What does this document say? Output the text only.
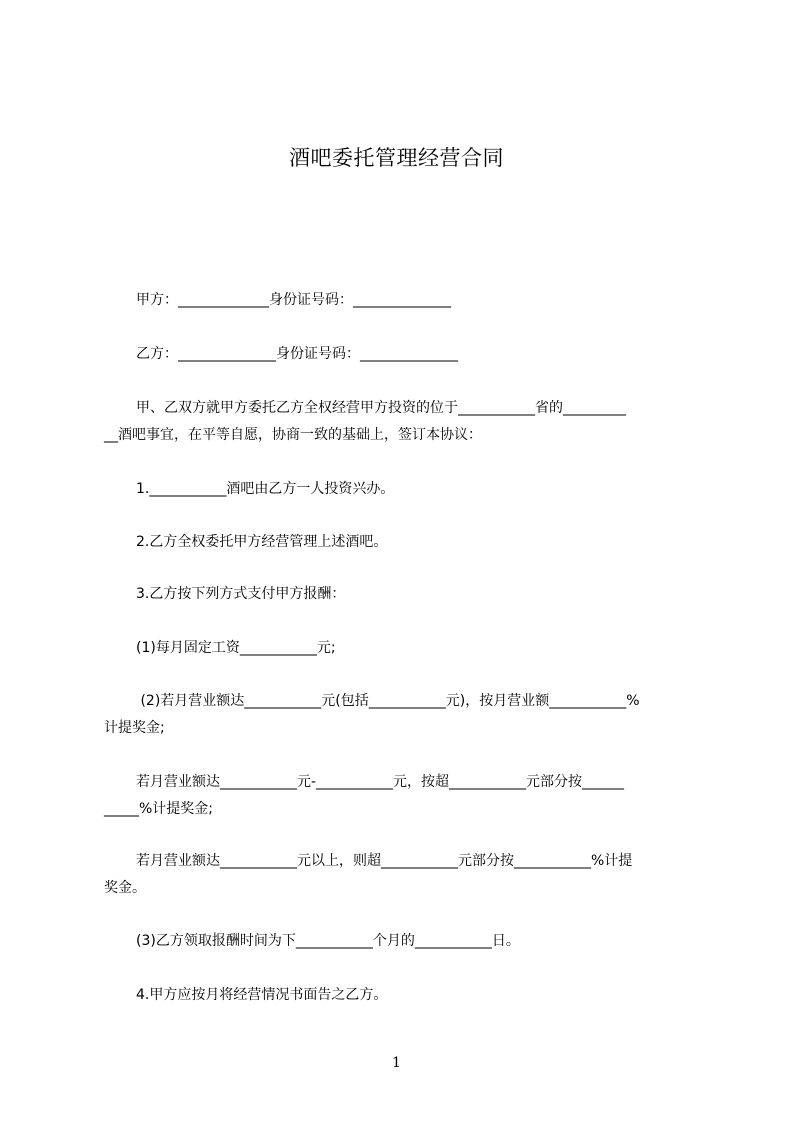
酒吧委托管理经营合同
甲方：_____________身份证号码：______________
乙方：______________身份证号码：______________
甲、乙双方就甲方委托乙方全权经营甲方投资的位于___________省的_________
__酒吧事宜，在平等自愿，协商一致的基础上，签订本协议：
1.___________酒吧由乙方一人投资兴办。
2.乙方全权委托甲方经营管理上述酒吧。
3.乙方按下列方式支付甲方报酬：
(1)每月固定工资___________元;
(2)若月营业额达___________元(包括___________元)，按月营业额___________%
计提奖金;
若月营业额达___________元-___________元，按超___________元部分按______
_____%计提奖金;
若月营业额达___________元以上，则超___________元部分按___________%计提
奖金。
(3)乙方领取报酬时间为下___________个月的___________日。
4.甲方应按月将经营情况书面告之乙方。
1
